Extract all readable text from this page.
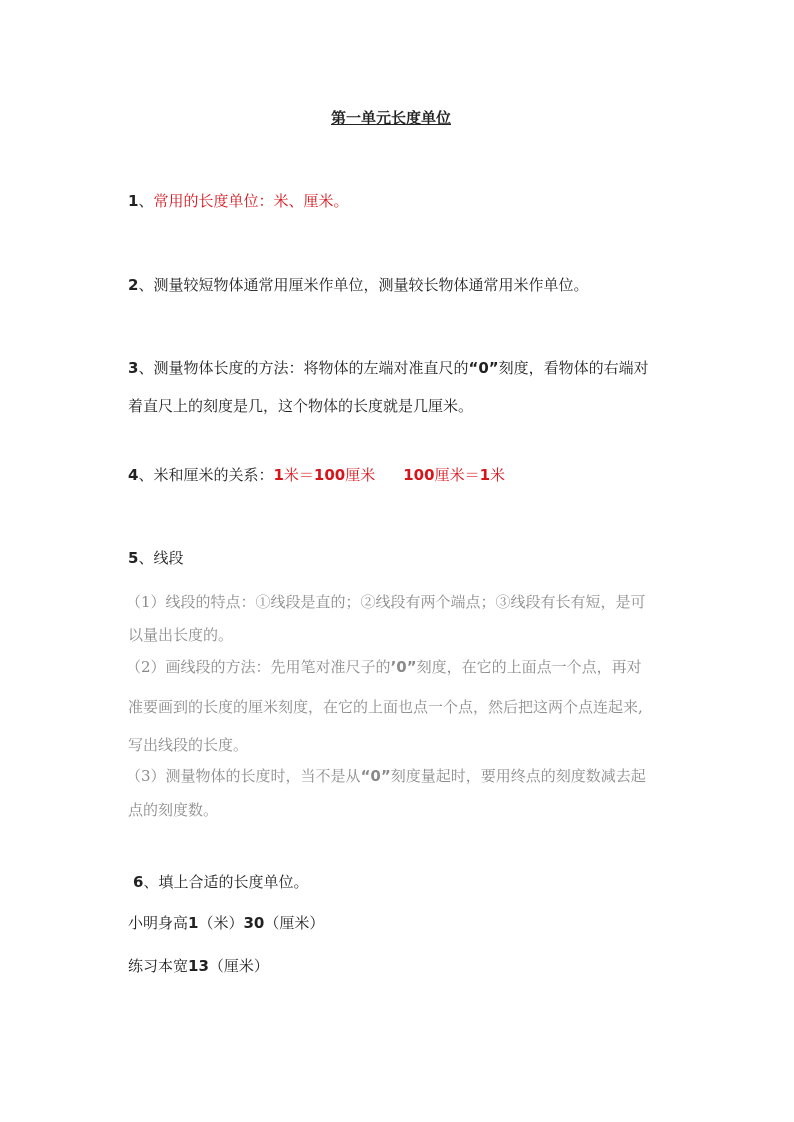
第一单元长度单位
1、常用的长度单位：米、厘米。
2、测量较短物体通常用厘米作单位，测量较长物体通常用米作单位。
3、测量物体长度的方法：将物体的左端对准直尺的“0”刻度，看物体的右端对
着直尺上的刻度是几，这个物体的长度就是几厘米。
4、米和厘米的关系：1米＝100厘米 100厘米＝1米
5、线段
（1）线段的特点：①线段是直的；②线段有两个端点；③线段有长有短，是可
以量出长度的。
（2）画线段的方法：先用笔对准尺子的’0”刻度，在它的上面点一个点，再对
准要画到的长度的厘米刻度，在它的上面也点一个点，然后把这两个点连起来,
写出线段的长度。
（3）测量物体的长度时，当不是从“0”刻度量起时，要用终点的刻度数减去起
点的刻度数。
6、填上合适的长度单位。
小明身高1（米）30（厘米）
练习本宽13（厘米）
